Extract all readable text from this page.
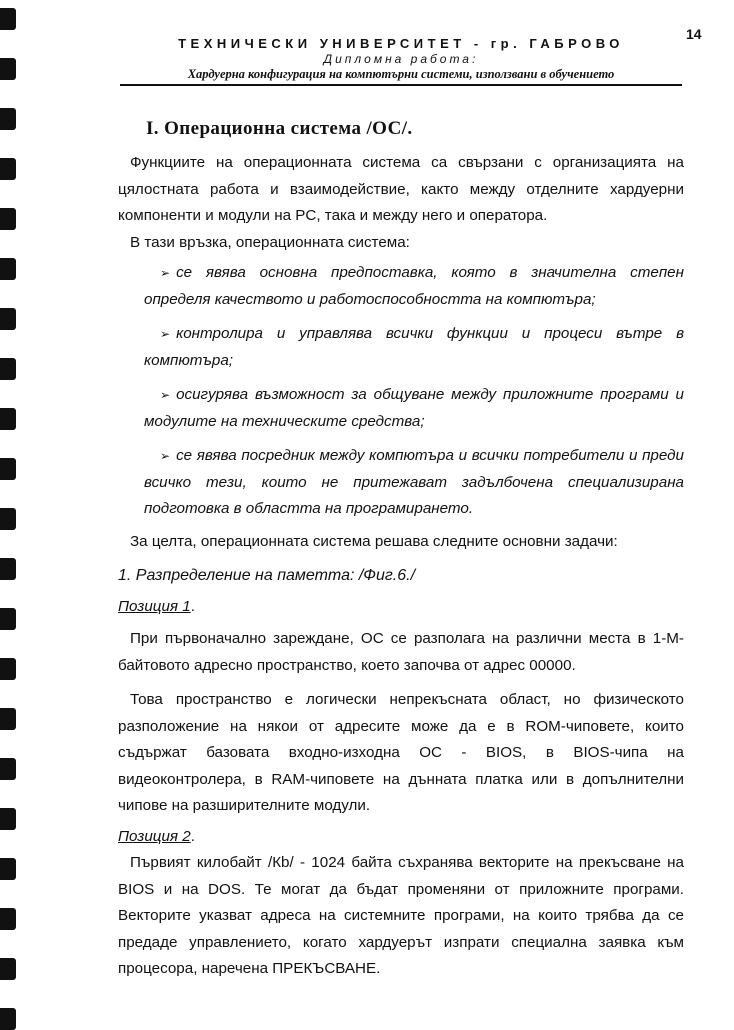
14
ТЕХНИЧЕСКИ УНИВЕРСИТЕТ - гр. ГАБРОВО
Дипломна работа:
Хардуерна конфигурация на компютърни системи, използвани в обучението
I. Операционна система /ОС/.

Функциите на операционната система са свързани с организацията на цялостната работа и взаимодействие, както между отделните хардуерни компоненти и модули на PC, така и между него и оператора.

В тази връзка, операционната система:

➢ се явява основна предпоставка, която в значителна степен определя качеството и работоспособността на компютъра;

➢ контролира и управлява всички функции и процеси вътре в компютъра;

➢ осигурява възможност за общуване между приложните програми и модулите на техническите средства;

➢ се явява посредник между компютъра и всички потребители и преди всичко тези, които не притежават задълбочена специализирана подготовка в областта на програмирането.

За целта, операционната система решава следните основни задачи:

1. Разпределение на паметта: /Фиг.6./

Позиция 1.

При първоначално зареждане, ОС се разполага на различни места в 1-М-байтовото адресно пространство, което започва от адрес 00000.

Това пространство е логически непрекъсната област, но физическото разположение на някои от адресите може да е в ROM-чиповете, които съдържат базовата входно-изходна ОС - BIOS, в BIOS-чипа на видеоконтролера, в RAM-чиповете на дънната платка или в допълнителни чипове на разширителните модули.

Позиция 2.

Първият килобайт /Кb/ - 1024 байта съхранява векторите на прекъсване на BIOS и на DOS. Те могат да бъдат променяни от приложните програми. Векторите указват адреса на системните програми, на които трябва да се предаде управлението, когато хардуерът изпрати специална заявка към процесора, наречена ПРЕКЪСВАНЕ.
